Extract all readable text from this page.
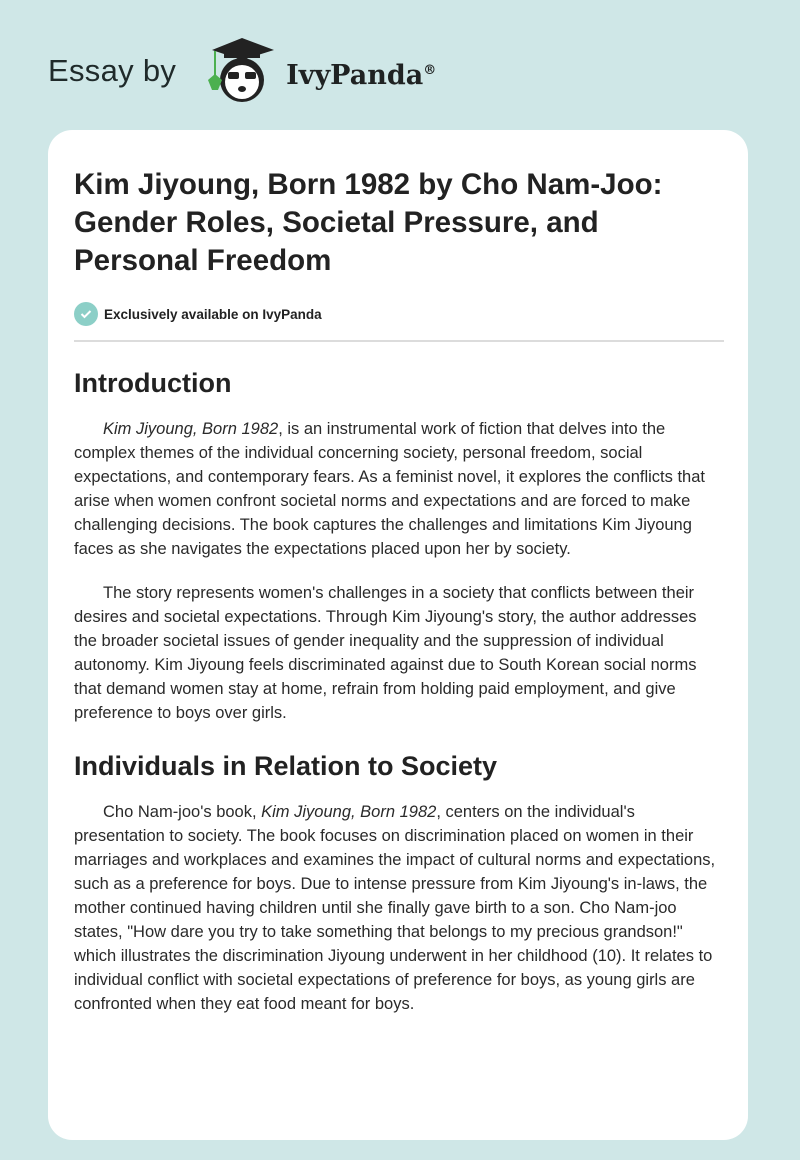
Essay by	IvyPanda®
Kim Jiyoung, Born 1982 by Cho Nam-Joo: Gender Roles, Societal Pressure, and Personal Freedom
Exclusively available on IvyPanda
Introduction

Kim Jiyoung, Born 1982, is an instrumental work of fiction that delves into the complex themes of the individual concerning society, personal freedom, social expectations, and contemporary fears. As a feminist novel, it explores the conflicts that arise when women confront societal norms and expectations and are forced to make challenging decisions. The book captures the challenges and limitations Kim Jiyoung faces as she navigates the expectations placed upon her by society.

The story represents women's challenges in a society that conflicts between their desires and societal expectations. Through Kim Jiyoung's story, the author addresses the broader societal issues of gender inequality and the suppression of individual autonomy. Kim Jiyoung feels discriminated against due to South Korean social norms that demand women stay at home, refrain from holding paid employment, and give preference to boys over girls.

Individuals in Relation to Society

Cho Nam-joo's book, Kim Jiyoung, Born 1982, centers on the individual's presentation to society. The book focuses on discrimination placed on women in their marriages and workplaces and examines the impact of cultural norms and expectations, such as a preference for boys. Due to intense pressure from Kim Jiyoung's in-laws, the mother continued having children until she finally gave birth to a son. Cho Nam-joo states, "How dare you try to take something that belongs to my precious grandson!" which illustrates the discrimination Jiyoung underwent in her childhood (10). It relates to individual conflict with societal expectations of preference for boys, as young girls are confronted when they eat food meant for boys.
